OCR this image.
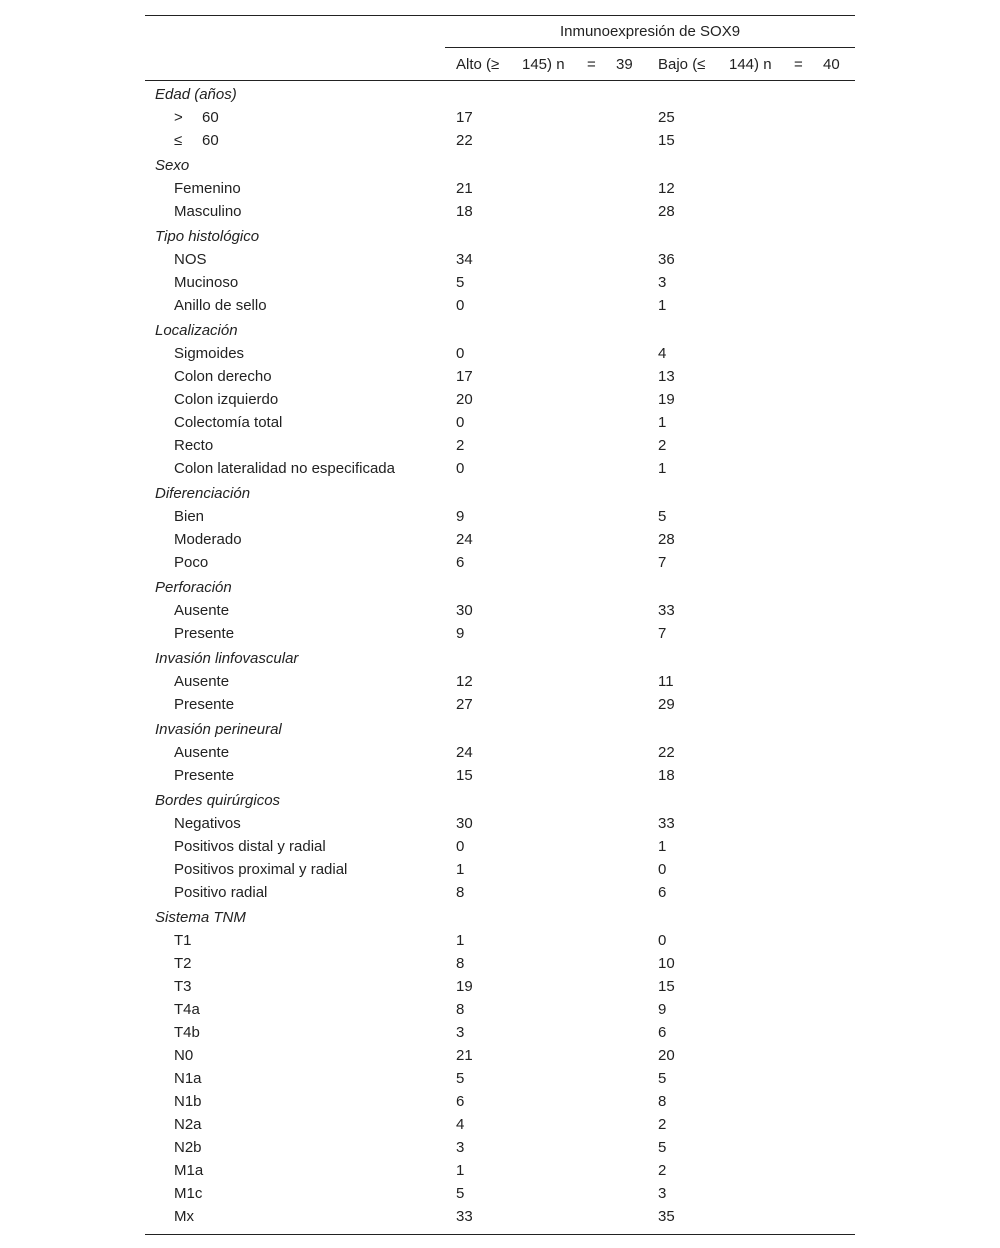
Inmunoexpresión de SOX9
Alto (≥ 145) n = 39 Bajo (≤ 144) n = 40
Edad (años)
> 60	17	25
≤ 60	22	15
Sexo
Femenino	21	12
Masculino	18	28
Tipo histológico
NOS	34	36
Mucinoso	5	3
Anillo de sello	0	1
Localización
Sigmoides	0	4
Colon derecho	17	13
Colon izquierdo	20	19
Colectomía total	0	1
Recto	2	2
Colon lateralidad no especificada	0	1
Diferenciación
Bien	9	5
Moderado	24	28
Poco	6	7
Perforación
Ausente	30	33
Presente	9	7
Invasión linfovascular
Ausente	12	11
Presente	27	29
Invasión perineural
Ausente	24	22
Presente	15	18
Bordes quirúrgicos
Negativos	30	33
Positivos distal y radial	0	1
Positivos proximal y radial	1	0
Positivo radial	8	6
Sistema TNM
T1	1	0
T2	8	10
T3	19	15
T4a	8	9
T4b	3	6
N0	21	20
N1a	5	5
N1b	6	8
N2a	4	2
N2b	3	5
M1a	1	2
M1c	5	3
Mx	33	35
